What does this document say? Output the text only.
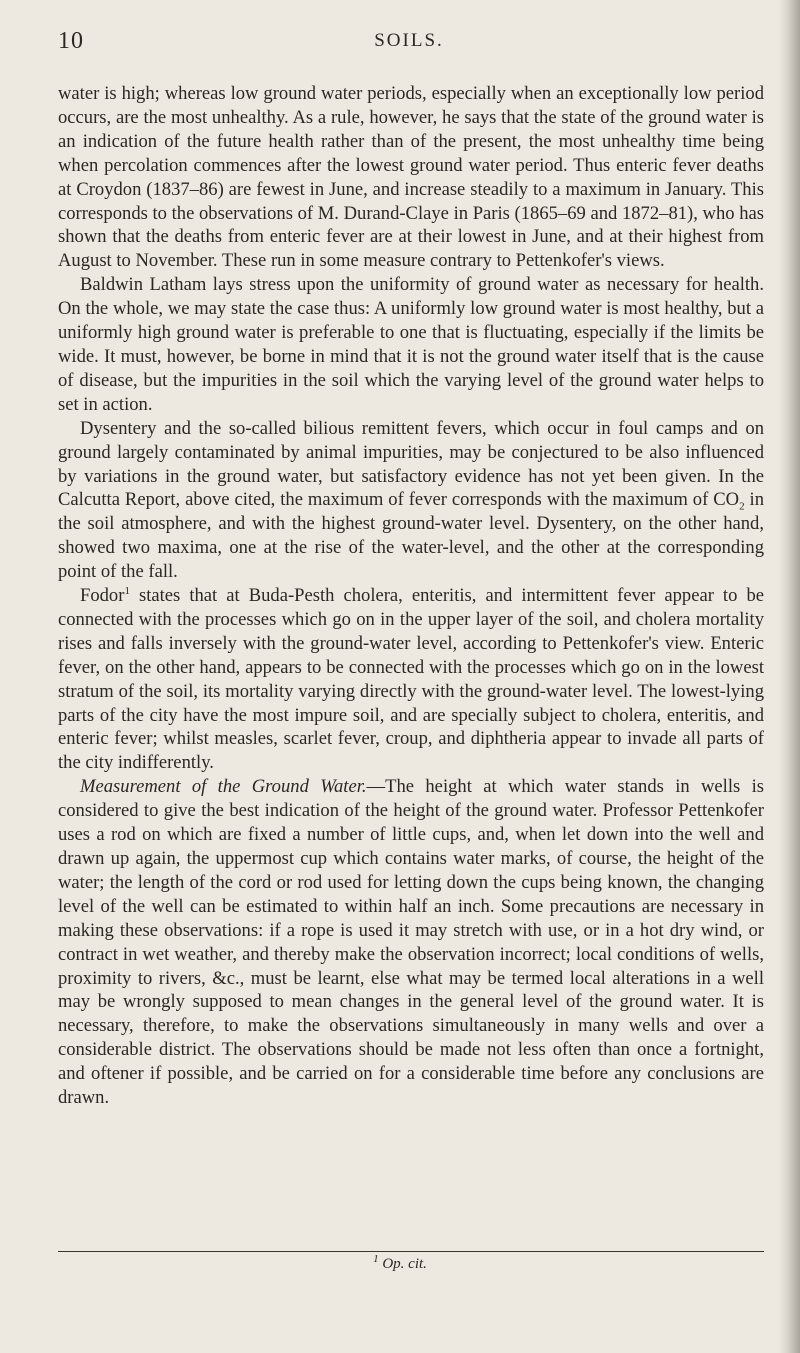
10	SOILS.

water is high; whereas low ground water periods, especially when an exceptionally low period occurs, are the most unhealthy. As a rule, however, he says that the state of the ground water is an indication of the future health rather than of the present, the most unhealthy time being when percolation commences after the lowest ground water period. Thus enteric fever deaths at Croydon (1837–86) are fewest in June, and increase steadily to a maximum in January. This corresponds to the observations of M. Durand-Claye in Paris (1865–69 and 1872–81), who has shown that the deaths from enteric fever are at their lowest in June, and at their highest from August to November. These run in some measure contrary to Pettenkofer's views.

Baldwin Latham lays stress upon the uniformity of ground water as necessary for health. On the whole, we may state the case thus: A uniformly low ground water is most healthy, but a uniformly high ground water is preferable to one that is fluctuating, especially if the limits be wide. It must, however, be borne in mind that it is not the ground water itself that is the cause of disease, but the impurities in the soil which the varying level of the ground water helps to set in action.

Dysentery and the so-called bilious remittent fevers, which occur in foul camps and on ground largely contaminated by animal impurities, may be conjectured to be also influenced by variations in the ground water, but satisfactory evidence has not yet been given. In the Calcutta Report, above cited, the maximum of fever corresponds with the maximum of $CO_2$ in the soil atmosphere, and with the highest ground-water level. Dysentery, on the other hand, showed two maxima, one at the rise of the water-level, and the other at the corresponding point of the fall.

Fodor$^1$ states that at Buda-Pesth cholera, enteritis, and intermittent fever appear to be connected with the processes which go on in the upper layer of the soil, and cholera mortality rises and falls inversely with the ground-water level, according to Pettenkofer's view. Enteric fever, on the other hand, appears to be connected with the processes which go on in the lowest stratum of the soil, its mortality varying directly with the ground-water level. The lowest-lying parts of the city have the most impure soil, and are specially subject to cholera, enteritis, and enteric fever; whilst measles, scarlet fever, croup, and diphtheria appear to invade all parts of the city indifferently.

Measurement of the Ground Water.—The height at which water stands in wells is considered to give the best indication of the height of the ground water. Professor Pettenkofer uses a rod on which are fixed a number of little cups, and, when let down into the well and drawn up again, the uppermost cup which contains water marks, of course, the height of the water; the length of the cord or rod used for letting down the cups being known, the changing level of the well can be estimated to within half an inch. Some precautions are necessary in making these observations: if a rope is used it may stretch with use, or in a hot dry wind, or contract in wet weather, and thereby make the observation incorrect; local conditions of wells, proximity to rivers, &c., must be learnt, else what may be termed local alterations in a well may be wrongly supposed to mean changes in the general level of the ground water. It is necessary, therefore, to make the observations simultaneously in many wells and over a considerable district. The observations should be made not less often than once a fortnight, and oftener if possible, and be carried on for a considerable time before any conclusions are drawn.

$^1$ Op. cit.
